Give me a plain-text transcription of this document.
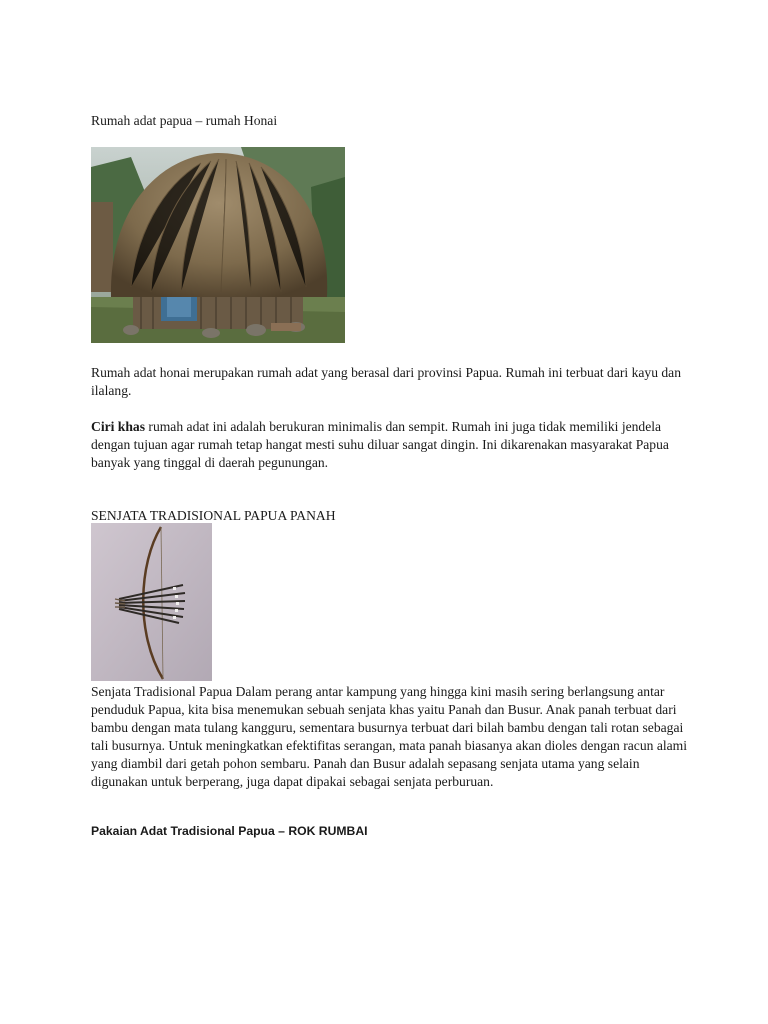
Rumah adat papua – rumah Honai

Rumah adat honai merupakan rumah adat yang berasal dari provinsi Papua. Rumah ini terbuat dari kayu dan ilalang.

Ciri khas rumah adat ini adalah berukuran minimalis dan sempit. Rumah ini juga tidak memiliki jendela dengan tujuan agar rumah tetap hangat mesti suhu diluar sangat dingin. Ini dikarenakan masyarakat Papua banyak yang tinggal di daerah pegunungan.

SENJATA TRADISIONAL PAPUA PANAH

Senjata Tradisional Papua Dalam perang antar kampung yang hingga kini masih sering berlangsung antar penduduk Papua, kita bisa menemukan sebuah senjata khas yaitu Panah dan Busur. Anak panah terbuat dari bambu dengan mata tulang kangguru, sementara busurnya terbuat dari bilah bambu dengan tali rotan sebagai tali busurnya. Untuk meningkatkan efektifitas serangan, mata panah biasanya akan dioles dengan racun alami yang diambil dari getah pohon sembaru. Panah dan Busur adalah sepasang senjata utama yang selain digunakan untuk berperang, juga dapat dipakai sebagai senjata perburuan.

Pakaian Adat Tradisional Papua – ROK RUMBAI
